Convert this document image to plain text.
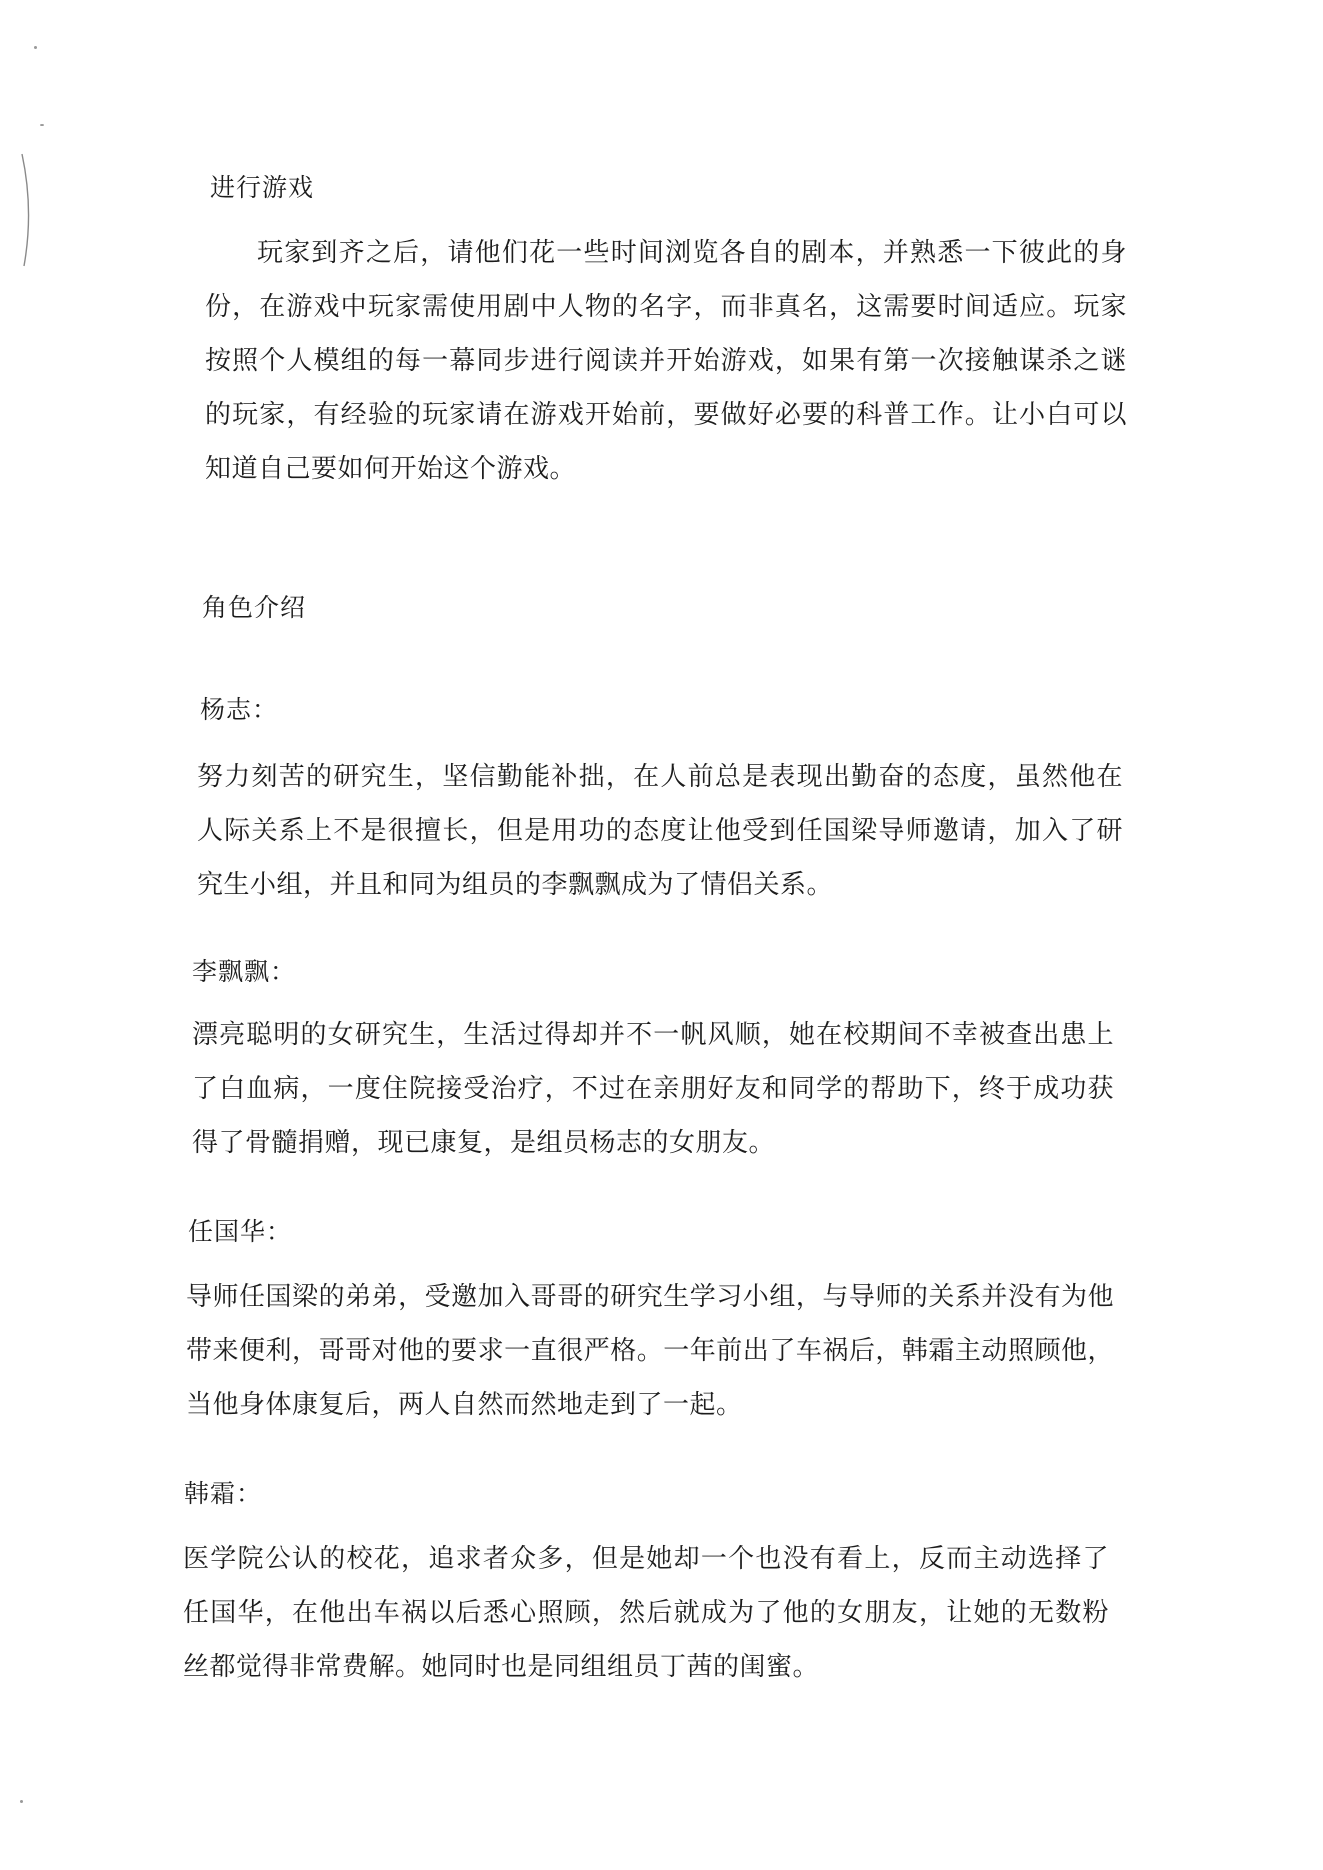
进行游戏
玩家到齐之后，请他们花一些时间浏览各自的剧本，并熟悉一下彼此的身份，在游戏中玩家需使用剧中人物的名字，而非真名，这需要时间适应。玩家按照个人模组的每一幕同步进行阅读并开始游戏，如果有第一次接触谋杀之谜的玩家，有经验的玩家请在游戏开始前，要做好必要的科普工作。让小白可以知道自己要如何开始这个游戏。
角色介绍
杨志：
努力刻苦的研究生，坚信勤能补拙，在人前总是表现出勤奋的态度，虽然他在人际关系上不是很擅长，但是用功的态度让他受到任国梁导师邀请，加入了研究生小组，并且和同为组员的李飘飘成为了情侣关系。
李飘飘：
漂亮聪明的女研究生，生活过得却并不一帆风顺，她在校期间不幸被查出患上了白血病，一度住院接受治疗，不过在亲朋好友和同学的帮助下，终于成功获得了骨髓捐赠，现已康复，是组员杨志的女朋友。
任国华：
导师任国梁的弟弟，受邀加入哥哥的研究生学习小组，与导师的关系并没有为他带来便利，哥哥对他的要求一直很严格。一年前出了车祸后，韩霜主动照顾他，当他身体康复后，两人自然而然地走到了一起。
韩霜：
医学院公认的校花，追求者众多，但是她却一个也没有看上，反而主动选择了任国华，在他出车祸以后悉心照顾，然后就成为了他的女朋友，让她的无数粉丝都觉得非常费解。她同时也是同组组员丁茜的闺蜜。
